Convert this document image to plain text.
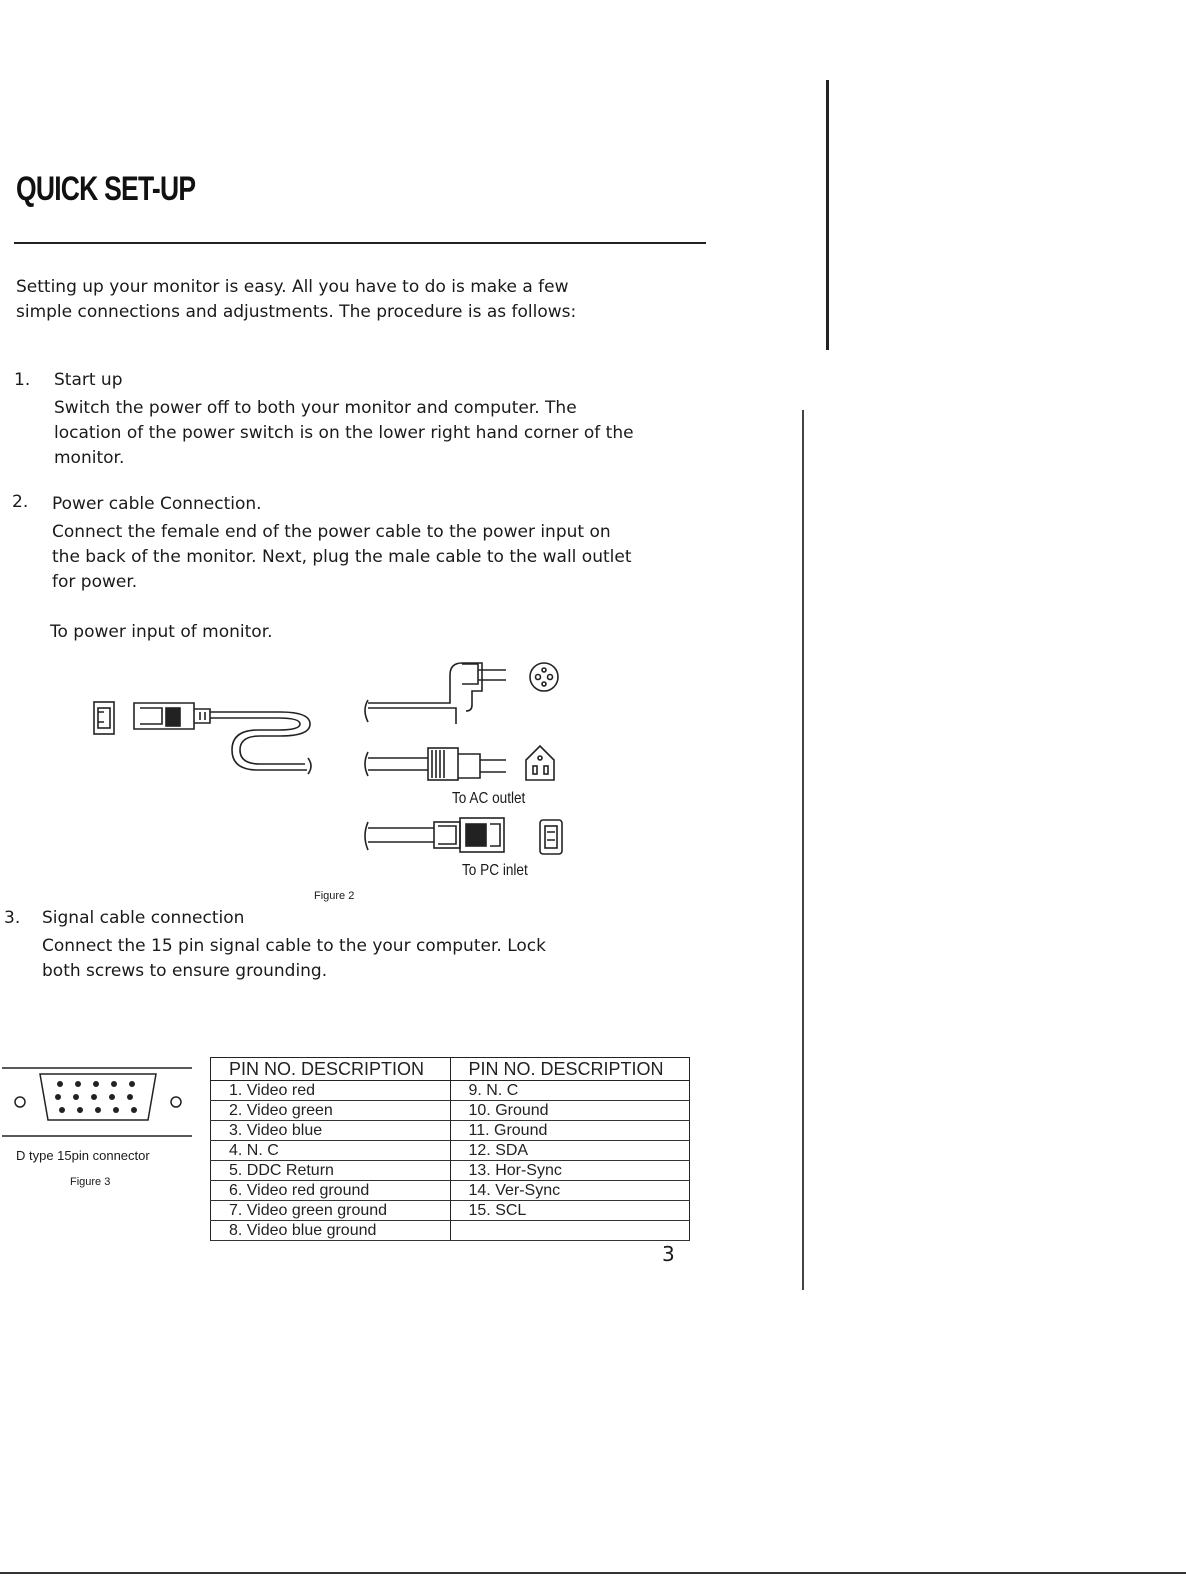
QUICK SET-UP
Setting up your monitor is easy. All you have to do is make a few simple connections and adjustments. The procedure is as follows:
1. Start up
Switch the power off to both your monitor and computer. The location of the power switch is on the lower right hand corner of the monitor.
2. Power cable Connection.
Connect the female end of the power cable to the power input on the back of the monitor. Next, plug the male cable to the wall outlet for power.
To power input of monitor.
To AC outlet
To PC inlet
Figure 2
3. Signal cable connection
Connect the 15 pin signal cable to the your computer. Lock both screws to ensure grounding.
D type 15pin connector
Figure 3
PIN NO. DESCRIPTION	PIN NO. DESCRIPTION
1. Video red	9. N. C
2. Video green	10. Ground
3. Video blue	11. Ground
4. N. C	12. SDA
5. DDC Return	13. Hor-Sync
6. Video red ground	14. Ver-Sync
7. Video green ground	15. SCL
8. Video blue ground	
3
